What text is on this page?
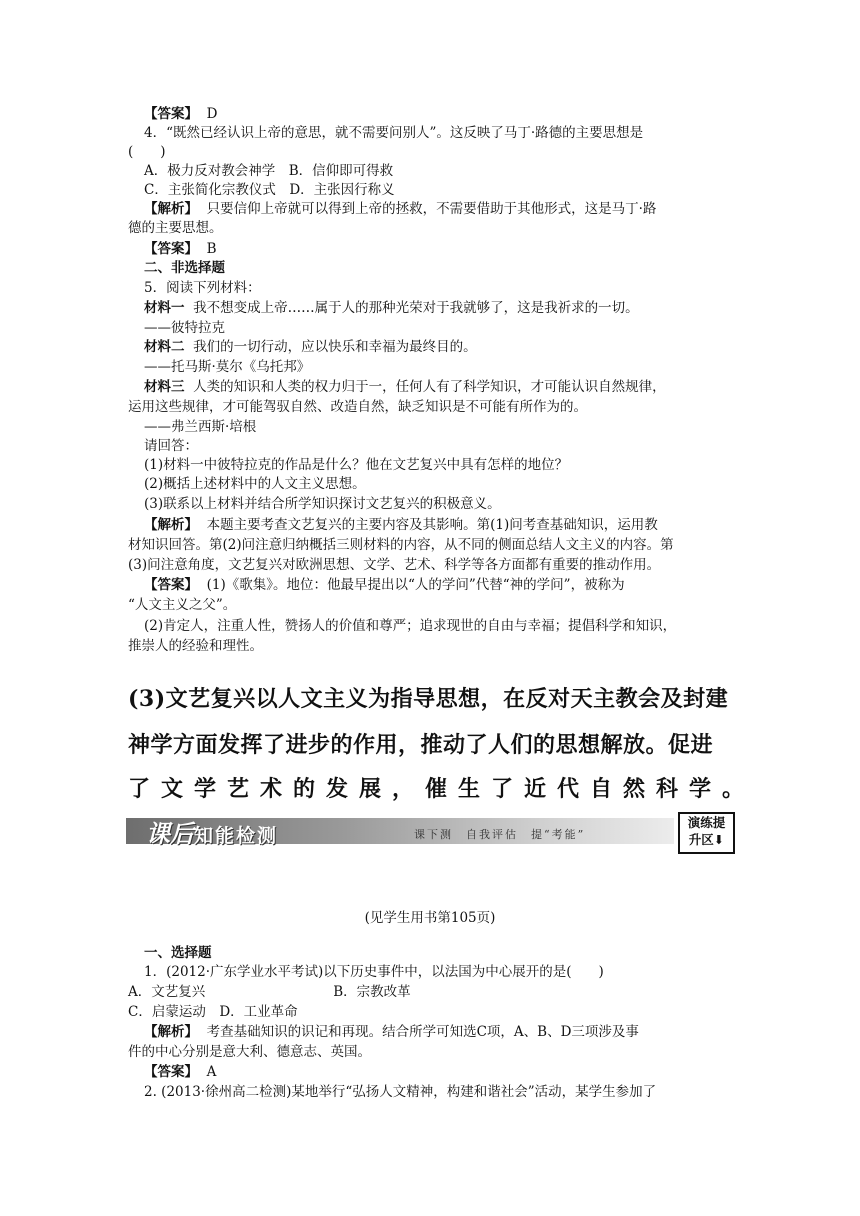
【答案】 D
4．“既然已经认识上帝的意思，就不需要问别人”。这反映了马丁·路德的主要思想是
(　　)
A．极力反对教会神学　B．信仰即可得救
C．主张简化宗教仪式　D．主张因行称义
【解析】 只要信仰上帝就可以得到上帝的拯救，不需要借助于其他形式，这是马丁·路
德的主要思想。
【答案】 B
二、非选择题
5．阅读下列材料：
材料一 我不想变成上帝……属于人的那种光荣对于我就够了，这是我祈求的一切。
——彼特拉克
材料二 我们的一切行动，应以快乐和幸福为最终目的。
——托马斯·莫尔《乌托邦》
材料三 人类的知识和人类的权力归于一，任何人有了科学知识，才可能认识自然规律，
运用这些规律，才可能驾驭自然、改造自然，缺乏知识是不可能有所作为的。
——弗兰西斯·培根
请回答：
(1)材料一中彼特拉克的作品是什么？他在文艺复兴中具有怎样的地位？
(2)概括上述材料中的人文主义思想。
(3)联系以上材料并结合所学知识探讨文艺复兴的积极意义。
【解析】 本题主要考查文艺复兴的主要内容及其影响。第(1)问考查基础知识，运用教
材知识回答。第(2)问注意归纳概括三则材料的内容，从不同的侧面总结人文主义的内容。第
(3)问注意角度，文艺复兴对欧洲思想、文学、艺术、科学等各方面都有重要的推动作用。
【答案】 (1)《歌集》。地位：他最早提出以“人的学问”代替“神的学问”，被称为
“人文主义之父”。
(2)肯定人，注重人性，赞扬人的价值和尊严；追求现世的自由与幸福；提倡科学和知识，
推崇人的经验和理性。
(3)文艺复兴以人文主义为指导思想，在反对天主教会及封建
神学方面发挥了进步的作用，推动了人们的思想解放。促进
了文学艺术的发展，催生了近代自然科学。
课后知能检测	课下测　自我评估　提“考能”
演练提
升区⬇
(见学生用书第105页)
一、选择题
1．(2012·广东学业水平考试)以下历史事件中，以法国为中心展开的是(　　)
A．文艺复兴	B．宗教改革
C．启蒙运动　D．工业革命
【解析】 考查基础知识的识记和再现。结合所学可知选C项，A、B、D三项涉及事
件的中心分别是意大利、德意志、英国。
【答案】 A
2. (2013·徐州高二检测)某地举行“弘扬人文精神，构建和谐社会”活动，某学生参加了
